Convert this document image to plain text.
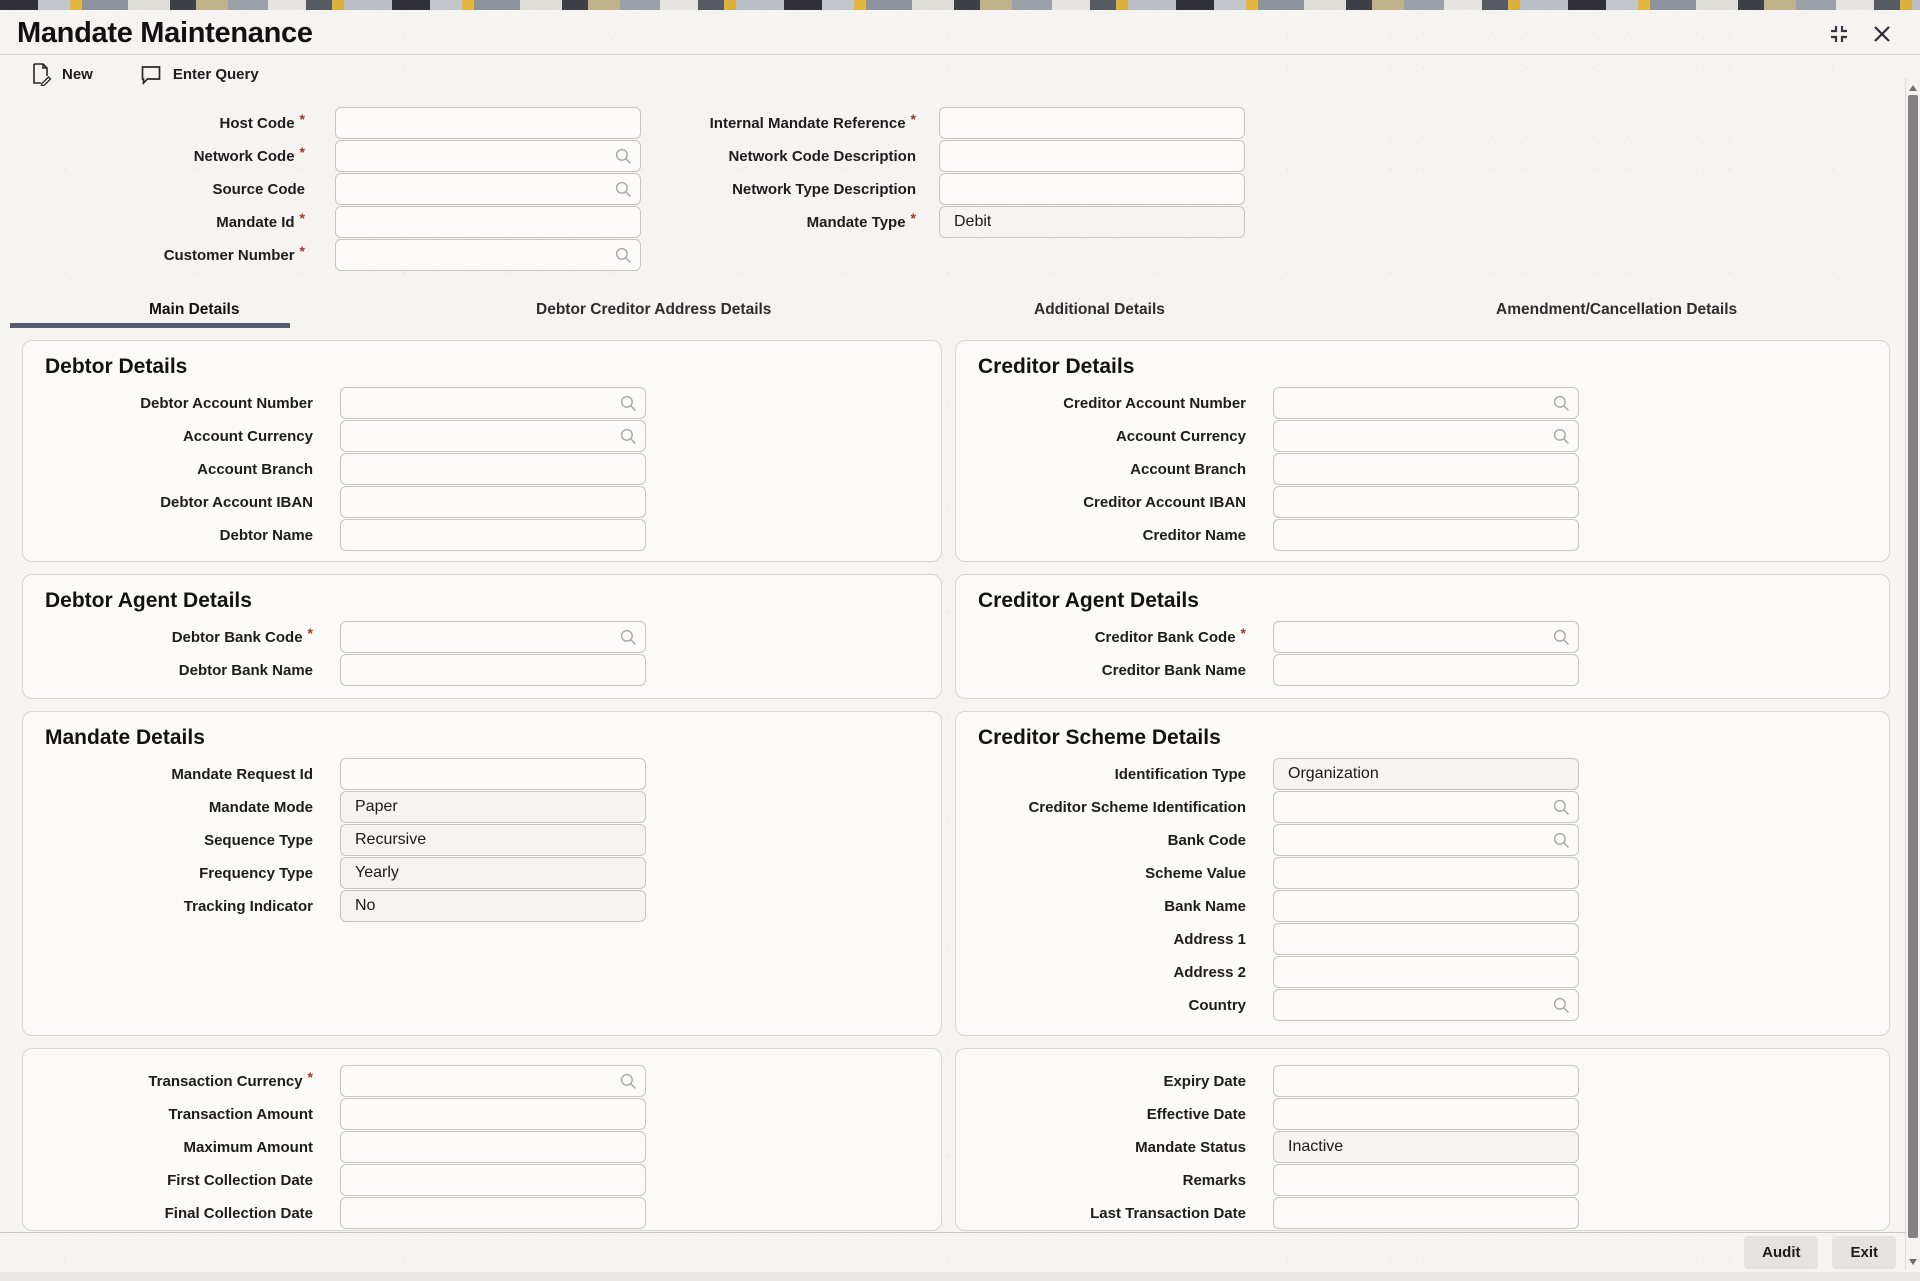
Mandate Maintenance
New	Enter Query
Host Code *
Network Code *
Source Code
Mandate Id *
Customer Number *
Internal Mandate Reference *
Network Code Description
Network Type Description
Mandate Type *	Debit
Main Details	Debtor Creditor Address Details	Additional Details	Amendment/Cancellation Details
Debtor Details
Debtor Account Number
Account Currency
Account Branch
Debtor Account IBAN
Debtor Name
Creditor Details
Creditor Account Number
Account Currency
Account Branch
Creditor Account IBAN
Creditor Name
Debtor Agent Details
Debtor Bank Code *
Debtor Bank Name
Creditor Agent Details
Creditor Bank Code *
Creditor Bank Name
Mandate Details
Mandate Request Id
Mandate Mode	Paper
Sequence Type	Recursive
Frequency Type	Yearly
Tracking Indicator	No
Creditor Scheme Details
Identification Type	Organization
Creditor Scheme Identification
Bank Code
Scheme Value
Bank Name
Address 1
Address 2
Country
Transaction Currency *
Transaction Amount
Maximum Amount
First Collection Date
Final Collection Date
Expiry Date
Effective Date
Mandate Status	Inactive
Remarks
Last Transaction Date
Audit	Exit
